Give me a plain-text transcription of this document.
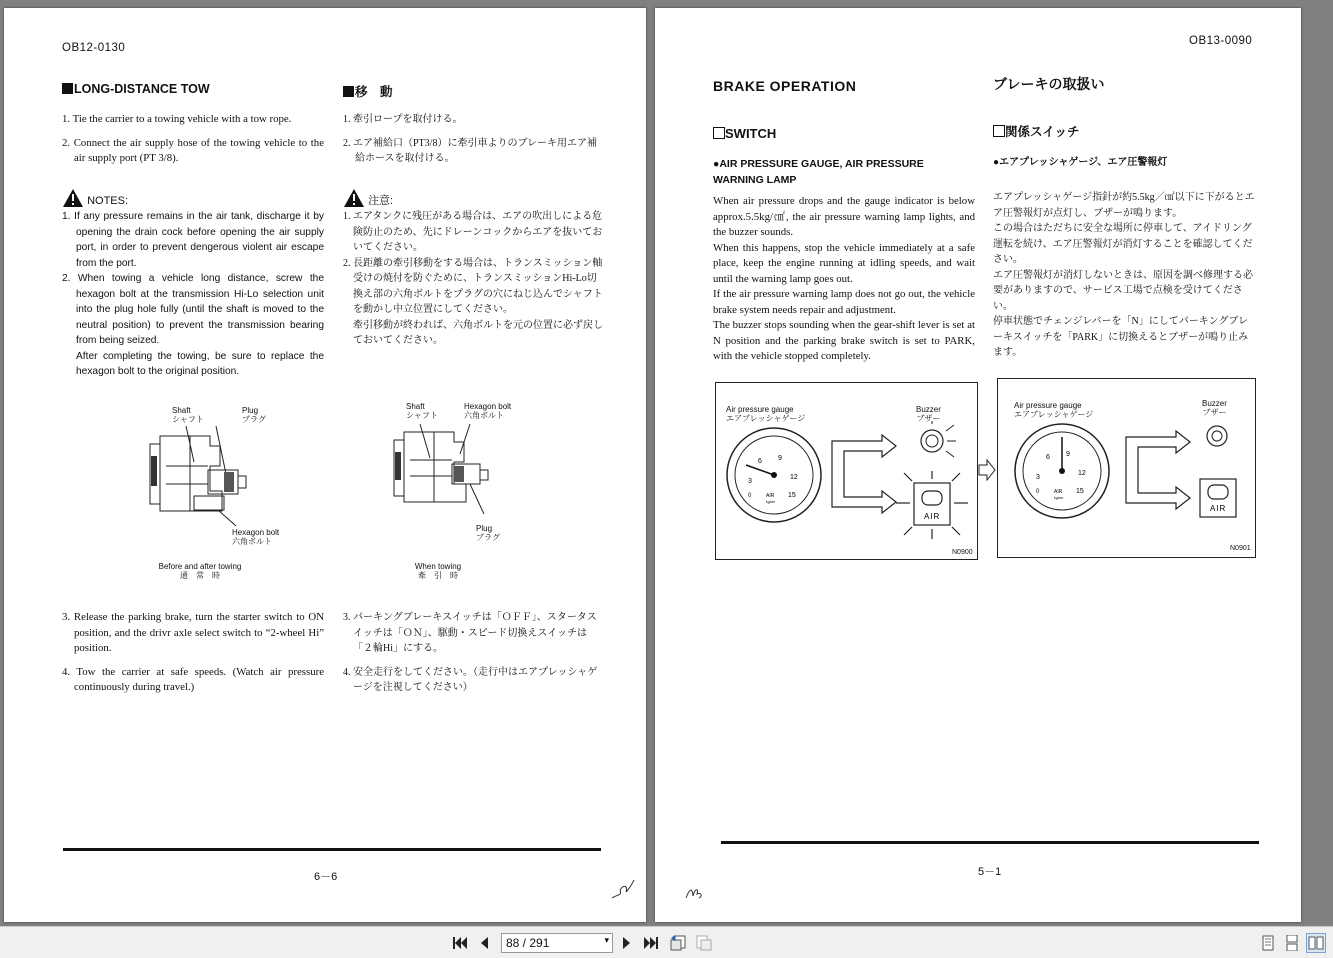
OB12-0130
LONG-DISTANCE TOW	移　動
1. Tie the carrier to a towing vehicle with a tow rope.
2. Connect the air supply hose of the towing vehicle to the air supply port (PT 3/8).
1. 牽引ロープを取付ける。
2. エア補給口（PT3/8）に牽引車よりのブレーキ用エア補給ホースを取付ける。
NOTES:	注意:
1. If any pressure remains in the air tank, discharge it by opening the drain cock before opening the air supply port, in order to prevent dengerous violent air escape from the port.
2. When towing a vehicle long distance, screw the hexagon bolt at the transmission Hi-Lo selection unit into the plug hole fully (until the shaft is moved to the neutral position) to prevent the transmission bearing from being seized.
After completing the towing, be sure to replace the hexagon bolt to the original position.
1. エアタンクに残圧がある場合は、エアの吹出しによる危険防止のため、先にドレーンコックからエアを抜いておいてください。
2. 長距離の牽引移動をする場合は、トランスミッション軸受けの焼付を防ぐために、トランスミッションHi-Lo切換え部の六角ボルトをプラグの穴にねじ込んでシャフトを動かし中立位置にしてください。
牽引移動が終われば、六角ボルトを元の位置に必ず戻しておいてください。
Shaft
シャフト
Plug
プラグ
Hexagon bolt
六角ボルト
Before and after towing
通　常　時
Shaft
シャフト
Hexagon bolt
六角ボルト
Plug
プラグ
When towing
牽　引　時
3. Release the parking brake, turn the starter switch to ON position, and the drivr axle select switch to “2-wheel Hi” position.
4. Tow the carrier at safe speeds. (Watch air pressure continuously during travel.)
3. パーキングブレーキスイッチは「ＯＦＦ」、スタータスイッチは「ＯＮ」、駆動・スピード切換えスイッチは「２輪Hi」にする。
4. 安全走行をしてください。（走行中はエアプレッシャゲージを注視してください）
6－6
OB13-0090
BRAKE OPERATION	ブレーキの取扱い
SWITCH	関係スイッチ
●AIR PRESSURE GAUGE, AIR PRESSURE WARNING LAMP
●エアプレッシャゲージ、エア圧警報灯
When air pressure drops and the gauge indicator is below approx.5.5kg/㎠, the air pressure warning lamp lights, and the buzzer sounds.
When this happens, stop the vehicle immediately at a safe place, keep the engine running at idling speeds, and wait until the warning lamp goes out.
If the air pressure warning lamp does not go out, the vehicle brake system needs repair and adjustment.
The buzzer stops sounding when the gear-shift lever is set at N position and the parking brake switch is set to PARK, with the vehicle stopped completely.
エアプレッシャゲージ指針が約5.5kg／㎠以下に下がるとエア圧警報灯が点灯し、ブザーが鳴ります。
この場合はただちに安全な場所に停車して、アイドリング運転を続け、エア圧警報灯が消灯することを確認してください。
エア圧警報灯が消灯しないときは、原因を調べ修理する必要がありますので、サービス工場で点検を受けてください。
停車状態でチェンジレバーを「N」にしてパーキングブレーキスイッチを「PARK」に切換えるとブザーが鳴り止みます。
Air pressure gauge
エアプレッシャゲージ
3
6 9
12
15
0	AIR
kg/cm
Buzzer
ブザー
AIR
N0900
Air pressure gauge
エアプレッシャゲージ
3
6 9
12
15
0	AIR
kg/cm
Buzzer
ブザー
AIR
N0901
5－1
88 / 291	▾
